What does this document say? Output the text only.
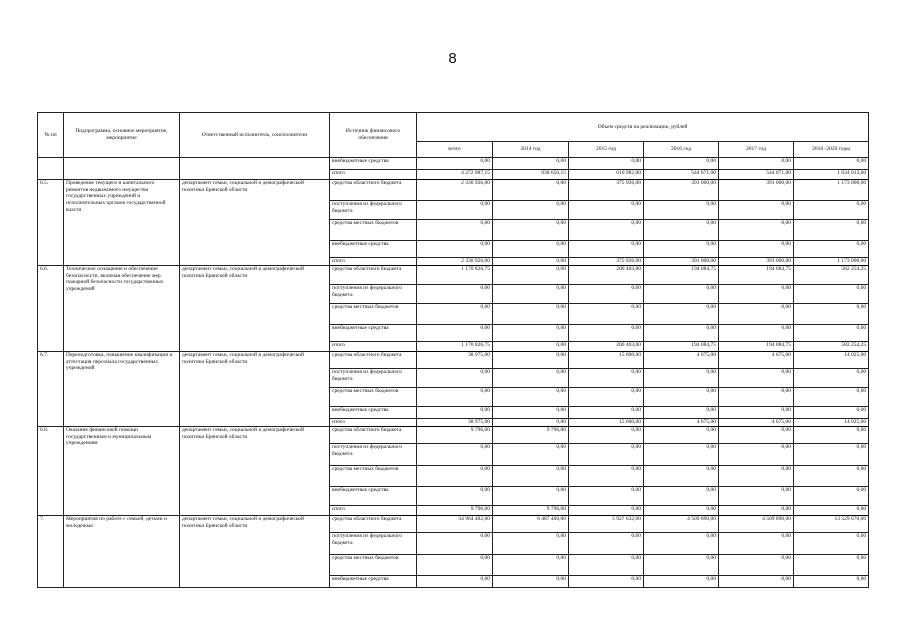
8
№ пп	Подпрограмма, основное мероприятие, мероприятие	Ответственный исполнитель, соисполнители	Источник финансового обеспечения	Объем средств на реализацию, рублей					
				всего	2014 год	2015 год	2016 год	2017 год	2018 -2020 годы
			внебюджетные средства	0,00	0,00	0,00	0,00	0,00	0,00
			итого	4 272 987,15	938 650,15	610 982,00	544 671,00	544 671,00	1 634 013,00
6.5.	Проведение текущего и капитального ремонтов недвижимого имущества государственных учреждений и исполнительных органов государственной власти	департамент семьи, социальной и демографической политики Брянской области	средства областного бюджета	2 330 926,00	0,00	375 926,00	391 000,00	391 000,00	1 173 000,00
			поступления из федерального бюджета	0,00	0,00	0,00	0,00	0,00	0,00
			средства местных бюджетов	0,00	0,00	0,00	0,00	0,00	0,00
			внебюджетные средства	0,00	0,00	0,00	0,00	0,00	0,00
			итого	2 330 926,00	0,00	375 926,00	391 000,00	391 000,00	1 173 000,00
6.6.	Техническое оснащение и обеспечение безопасности, включая обеспечение мер пожарной безопасности государственных учреждений	департамент семьи, социальной и демографической политики Брянской области	средства областного бюджета	1 170 826,75	0,00	200 403,00	194 084,75	194 084,75	582 254,25
			поступления из федерального бюджета	0,00	0,00	0,00	0,00	0,00	0,00
			средства местных бюджетов	0,00	0,00	0,00	0,00	0,00	0,00
			внебюджетные средства	0,00	0,00	0,00	0,00	0,00	0,00
			итого	1 170 826,75	0,00	200 403,00	194 084,75	194 084,75	582 254,25
6.7.	Переподготовка, повышение квалификации и аттестация персонала государственных учреждений	департамент семьи, социальной и демографической политики Брянской области	средства областного бюджета	38 975,00	0,00	15 600,00	4 675,00	4 675,00	14 025,00
			поступления из федерального бюджета	0,00	0,00	0,00	0,00	0,00	0,00
			средства местных бюджетов	0,00	0,00	0,00	0,00	0,00	0,00
			внебюджетные средства	0,00	0,00	0,00	0,00	0,00	0,00
			итого	38 975,00	0,00	15 600,00	4 675,00	4 675,00	14 025,00
6.8.	Оказание финансовой помощи государственным и муниципальным учреждениям	департамент семьи, социальной и демографической политики Брянской области	средства областного бюджета	9 796,00	9 796,00	0,00	0,00	0,00	0,00
			поступления из федерального бюджета	0,00	0,00	0,00	0,00	0,00	0,00
			средства местных бюджетов	0,00	0,00	0,00	0,00	0,00	0,00
			внебюджетные средства	0,00	0,00	0,00	0,00	0,00	0,00
			итого	9 796,00	9 796,00	0,00	0,00	0,00	0,00
7.	Мероприятия по работе с семьей, детьми и молодежью	департамент семьи, социальной и демографической политики Брянской области	средства областного бюджета	34 964 482,00	6 487 400,00	5 927 632,00	4 509 890,00	4 509 890,00	13 529 670,00
			поступления из федерального бюджета	0,00	0,00	0,00	0,00	0,00	0,00
			средства местных бюджетов	0,00	0,00	0,00	0,00	0,00	0,00
			внебюджетные средства	0,00	0,00	0,00	0,00	0,00	0,00
